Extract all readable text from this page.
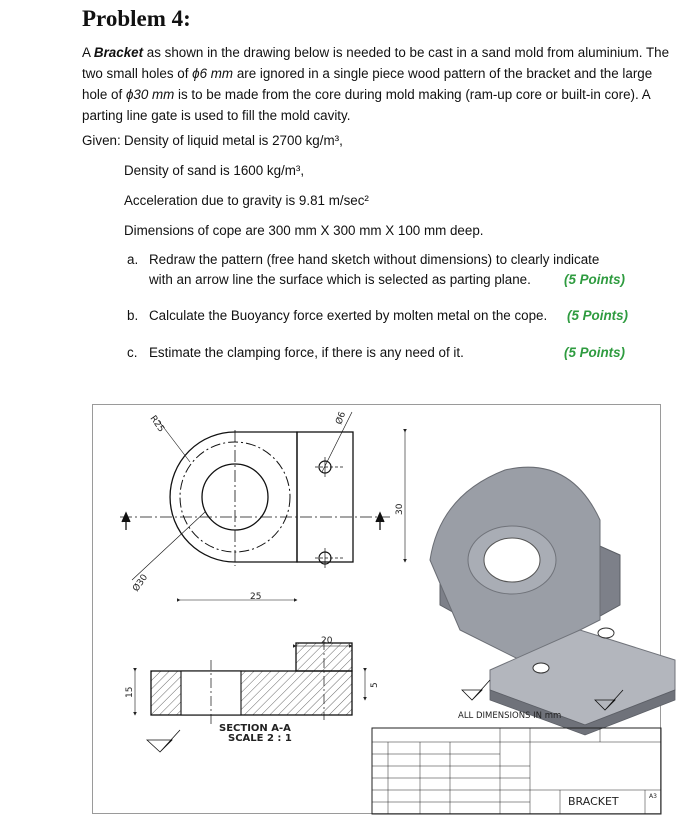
Problem 4:

A Bracket as shown in the drawing below is needed to be cast in a sand mold from aluminium. The two small holes of ϕ6 mm are ignored in a single piece wood pattern of the bracket and the large hole of ϕ30 mm is to be made from the core during mold making (ram-up core or built-in core). A parting line gate is used to fill the mold cavity.

Given: Density of liquid metal is 2700 kg/m³,
Density of sand is 1600 kg/m³,
Acceleration due to gravity is 9.81 m/sec²
Dimensions of cope are 300 mm X 300 mm X 100 mm deep.
a. Redraw the pattern (free hand sketch without dimensions) to clearly indicate
with an arrow line the surface which is selected as parting plane. (5 Points)
b. Calculate the Buoyancy force exerted by molten metal on the cope. (5 Points)
c. Estimate the clamping force, if there is any need of it.	(5 Points)
R25	Ø6
Ø30
25
30
20
15
5
SECTION A-A
SCALE 2 : 1
ALL DIMENSIONS IN mm
BRACKET	A3
